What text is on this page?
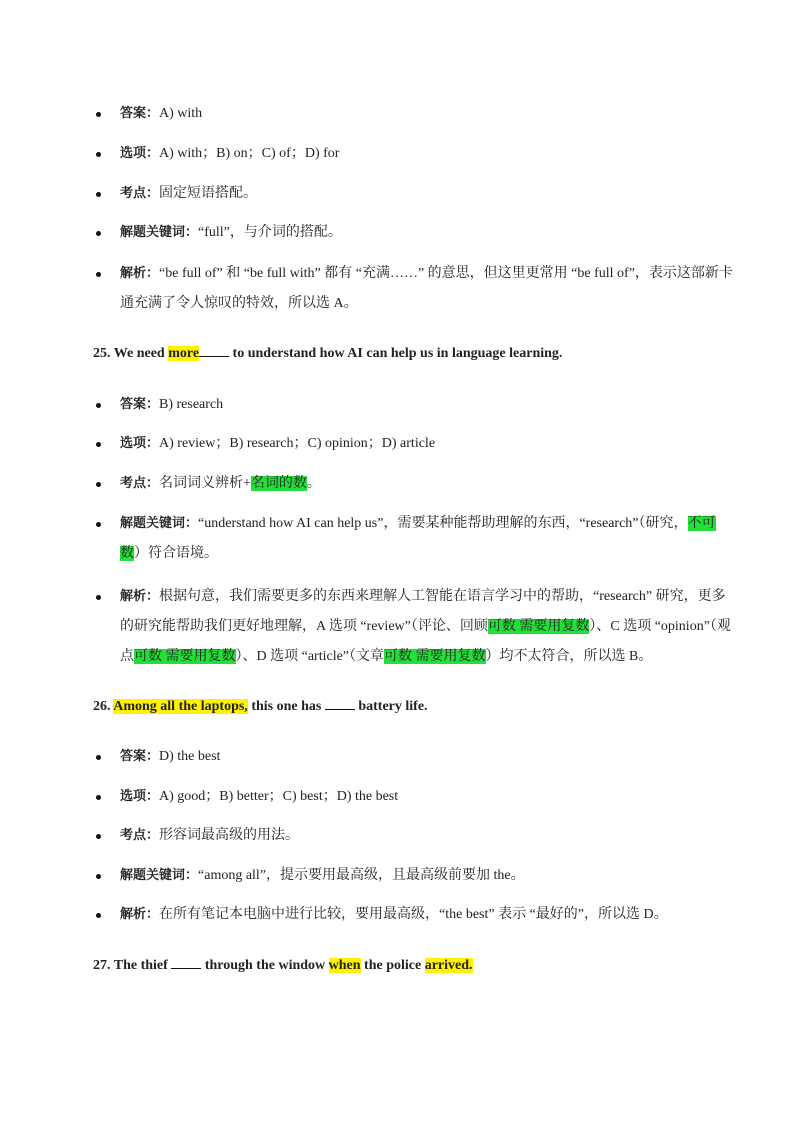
答案：A) with
选项：A) with；B) on；C) of；D) for
考点：固定短语搭配。
解题关键词：“full”，与介词的搭配。
解析：“be full of” 和 “be full with” 都有 “充满……” 的意思，但这里更常用 “be full of”，表示这部新卡通充满了令人惊叹的特效，所以选 A。
25. We need more to understand how AI can help us in language learning.
答案：B) research
选项：A) review；B) research；C) opinion；D) article
考点：名词词义辨析+名词的数。
解题关键词：“understand how AI can help us”，需要某种能帮助理解的东西，“research”（研究，不可数）符合语境。
解析：根据句意，我们需要更多的东西来理解人工智能在语言学习中的帮助，“research” 研究，更多的研究能帮助我们更好地理解，A 选项 “review”（评论、回顾可数 需要用复数）、C 选项 “opinion”（观点可数 需要用复数）、D 选项 “article”（文章可数 需要用复数）均不太符合，所以选 B。
26. Among all the laptops, this one has	battery life.
答案：D) the best
选项：A) good；B) better；C) best；D) the best
考点：形容词最高级的用法。
解题关键词：“among all”，提示要用最高级，且最高级前要加 the。
解析：在所有笔记本电脑中进行比较，要用最高级，“the best” 表示 “最好的”，所以选 D。
27. The thief	through the window when the police arrived.
